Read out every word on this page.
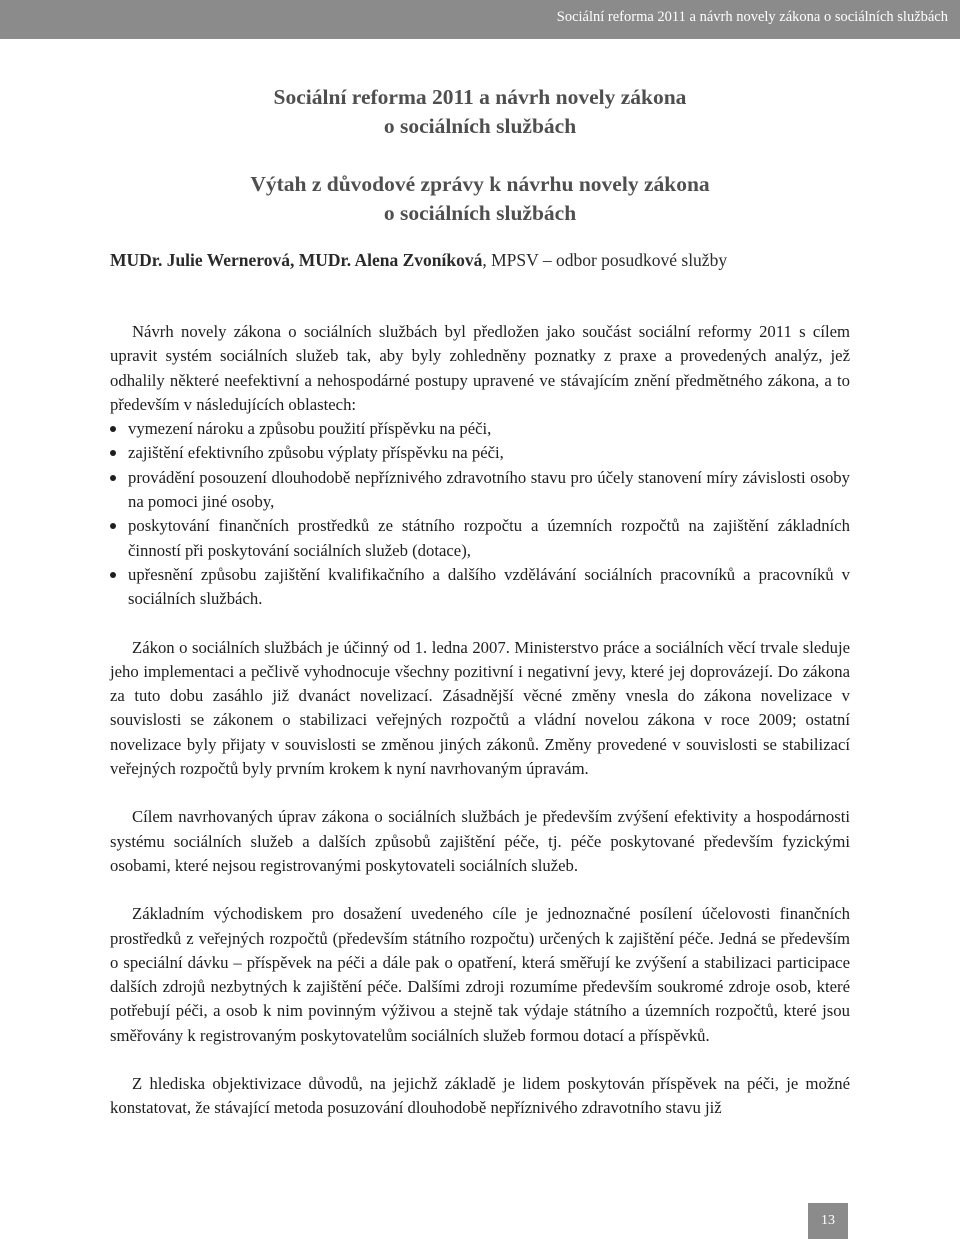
Sociální reforma 2011 a návrh novely zákona o sociálních službách
Sociální reforma 2011 a návrh novely zákona
o sociálních službách
Výtah z důvodové zprávy k návrhu novely zákona
o sociálních službách
MUDr. Julie Wernerová, MUDr. Alena Zvoníková, MPSV – odbor posudkové služby

Návrh novely zákona o sociálních službách byl předložen jako součást sociální reformy 2011 s cílem upravit systém sociálních služeb tak, aby byly zohledněny poznatky z praxe a provedených analýz, jež odhalily některé neefektivní a nehospodárné postupy upravené ve stávajícím znění předmětného zákona, a to především v následujících oblastech:

vymezení nároku a způsobu použití příspěvku na péči,
zajištění efektivního způsobu výplaty příspěvku na péči,
provádění posouzení dlouhodobě nepříznivého zdravotního stavu pro účely stanovení míry závislosti osoby na pomoci jiné osoby,
poskytování finančních prostředků ze státního rozpočtu a územních rozpočtů na zajištění základních činností při poskytování sociálních služeb (dotace),
upřesnění způsobu zajištění kvalifikačního a dalšího vzdělávání sociálních pracovníků a pracovníků v sociálních službách.

Zákon o sociálních službách je účinný od 1. ledna 2007. Ministerstvo práce a sociálních věcí trvale sleduje jeho implementaci a pečlivě vyhodnocuje všechny pozitivní i negativní jevy, které jej doprovázejí. Do zákona za tuto dobu zasáhlo již dvanáct novelizací. Zásadnější věcné změny vnesla do zákona novelizace v souvislosti se zákonem o stabilizaci veřejných rozpočtů a vládní novelou zákona v roce 2009; ostatní novelizace byly přijaty v souvislosti se změnou jiných zákonů. Změny provedené v souvislosti se stabilizací veřejných rozpočtů byly prvním krokem k nyní navrhovaným úpravám.

Cílem navrhovaných úprav zákona o sociálních službách je především zvýšení efektivity a hospodárnosti systému sociálních služeb a dalších způsobů zajištění péče, tj. péče poskytované především fyzickými osobami, které nejsou registrovanými poskytovateli sociálních služeb.

Základním východiskem pro dosažení uvedeného cíle je jednoznačné posílení účelovosti finančních prostředků z veřejných rozpočtů (především státního rozpočtu) určených k zajištění péče. Jedná se především o speciální dávku – příspěvek na péči a dále pak o opatření, která směřují ke zvýšení a stabilizaci participace dalších zdrojů nezbytných k zajištění péče. Dalšími zdroji rozumíme především soukromé zdroje osob, které potřebují péči, a osob k nim povinným výživou a stejně tak výdaje státního a územních rozpočtů, které jsou směřovány k registrovaným poskytovatelům sociálních služeb formou dotací a příspěvků.

Z hlediska objektivizace důvodů, na jejichž základě je lidem poskytován příspěvek na péči, je možné konstatovat, že stávající metoda posuzování dlouhodobě nepříznivého zdravotního stavu již

13
